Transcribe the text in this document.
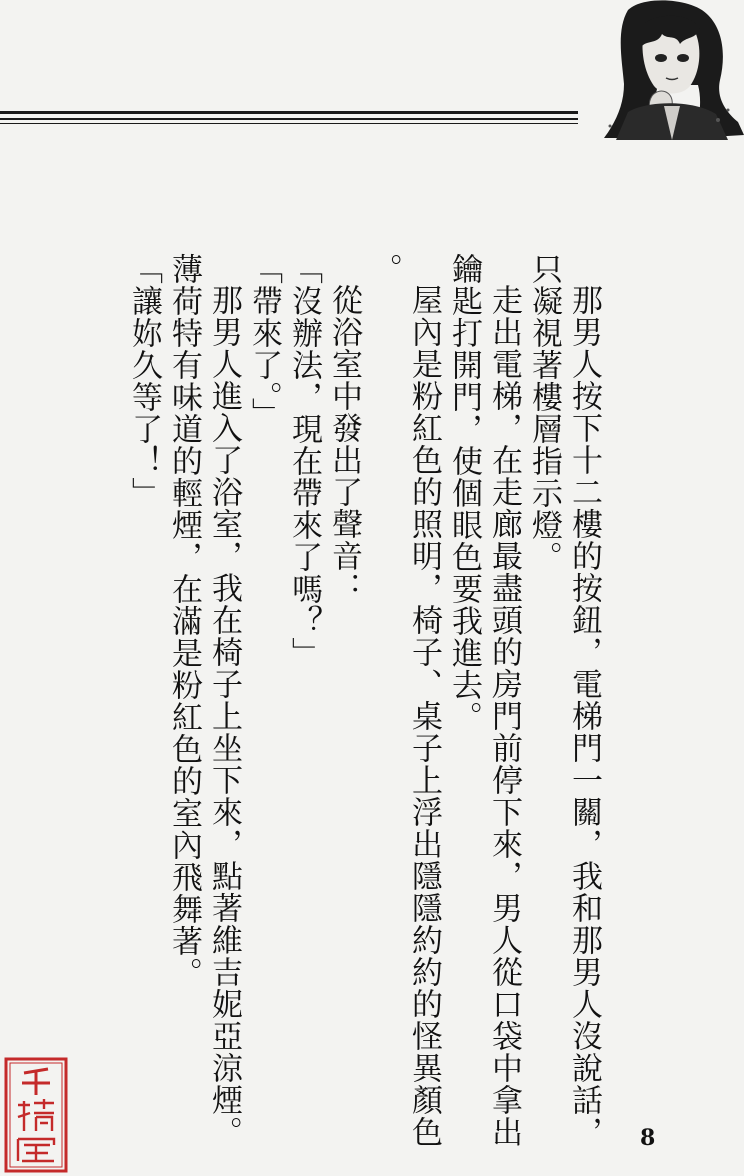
那男人按下十二樓的按鈕，電梯門一關，我和那男人沒說話，
只凝視著樓層指示燈。
走出電梯，在走廊最盡頭的房門前停下來，男人從口袋中拿出
鑰匙打開門，使個眼色要我進去。
屋內是粉紅色的照明，椅子、桌子上浮出隱隱約約的怪異顏色
。
從浴室中發出了聲音：
「沒辦法，現在帶來了嗎？」
「帶來了。」
那男人進入了浴室，我在椅子上坐下來，點著維吉妮亞涼煙。
薄荷特有味道的輕煙，在滿是粉紅色的室內飛舞著。
「讓妳久等了！」
8
